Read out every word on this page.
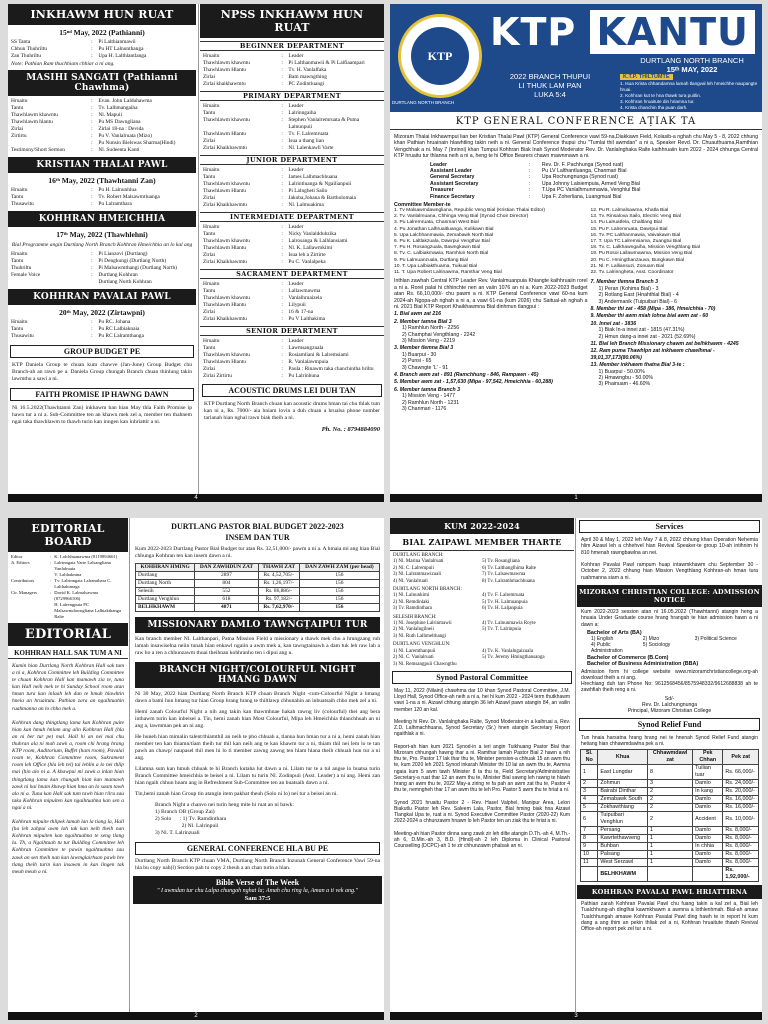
INKHAWM HUN RUAT
15ⁿᵈ May, 2022 (Pathianni)
SS Tanta	:	Pi Lalthianmawii
Chhun Thuhriltu	:	Pu HT Lalnunthanga
Zan Thuhriltu	:	Upa H. Lalthlantlanga
Note: Pathian Ram thuchhiam chhiar a ni ang.
MASIHI SANGATI (Pathianni Chawhma)
Hruaitu	:	Evan. John Lalduhawma
Tantu	:	Tv. Lalhmangaiha
Thawhlawm khawntu	:	Nl. Mapuii
Thawhlawm hlantu	:	Pu MS Dawngliana
Zirlai	:	Zirlai 18-na : Devida
Zirtirtu	:	Pu V. Vanlalruata (Mizo)
:	Pu Nunsin Bielswas Sharma(Hindi)
Testimony/Short Sermon	:	Nl. Sudeenta Kanti
KRISTIAN THALAI PAWL
16ᵗʰ May, 2022 (Thawhtanni Zan)
Hruaitu	:	Pu H. Lalnunhlua
Tantu	:	Tv. Robert Malsawmtluanga
Thusawitu	:	Pu Lalramthara
KOHHRAN HMEICHHIA
17ᵗʰ May, 2022 (Thawhlehni)
Bial Programme angin Durtlang North Branch Kohhran Hmeichhia an lo kal ang
Hruaitu	:	Pi Lianzovi (Durtlang)
Tantu	:	Pi Dengkungi (Durtlang North)
Thuhriltu	:	Pi Malsawmthangi (Durtlang North)
Female Voice	:	Durtlang Kohhran
Durtlang North Kohhran
KOHHRAN PAVALAI PAWL
20ᵗʰ May, 2022 (Zirtawpni)
Hruaitu	:	Pu RC. Johana
Tantu	:	Pu RC Lalbiaknaia
Thusawitu	:	Pu RC Lalramthanga
GROUP BUDGET PE
KTP Daniela Group te chuan kum chawve (Jan-June) Group Budget chu Branch-ah an rawn pe a. Daniela Group chungah Branch chuan thinlung takin lawmthu a sawi a ni.
FAITH PROMISE IP HAWNG DAWN
Ni 16.5.2022(Thawhtanni Zan) inkhawm ban hian May thla Faith Promise ip hawn tur a ni a. Sub-Committee ten an khawn mek zel a, member ten thahnem ngai taka thawhlawm to thawh turin kan inngen kan inhriattir a ni.
NPSS INKHAWM HUN RUAT
BEGINNER DEPARTMENT
Hruaitu	:	Leader
Thawhlawm khawntu	:	Pi Lalthanmawii & Pi Lalfiaampari
Thawhlawm Hlantu	:	Tv. H. Vanlalfaka
Zirlai	:	Bam mawngthing
Zirlai khaikhawmtu	:	PC Zodintluangi
PRIMARY DEPARTMENT
Hruaitu	:	Leader
Tantu	:	Lalrinngaiha
Thawhlawm khawntu	:	Stephen Vanlalremruata & Puma Lalnunpuii
Thawhlawm Hlantu	:	Tv. F. Lalremruata
Zirlai	:	Isua a thang lian
Zirlai Khaikhawmtu	:	Nl. Lalenkawli Varte
JUNIOR DEPARTMENT
Hruaitu	:	Leader
Tantu	:	James Lalhmachhuana
Thawhlawm khawntu	:	Lalrintluanga & Ngailianpuii
Thawhlawm Hlantu	:	Pi Lalngheti Sailo
Zirlai	:	Jakoba,Johana & Bartholomaia
Zirlai Khaikhawmtu	:	Nl. Lalmuakima
INTERMEDIATE DEPARTMENT
Hruaitu	:	Leader
Tantu	:	Nicky Vanlaldduhzika
Thawhlawm khawntu	:	Lalrosanga & Lalhlansiami
Thawhlawm Hlantu	:	Nl. K. Lallawmkimi
Zirlai	:	Isua leh a Zirtirte
Zirlai Khaikhawmtu	:	Pu C. Vanlalpeka
SACRAMENT DEPARTMENT
Hruaitu	:	Leader
Tantu	:	Lallawmawma
Thawhlawm khawntu	:	Vanlalhruaizela
Thawhlawm Hlantu	:	Lilypuii
Zirlai	:	16 & 17-na
Zirlai Khaikhawmtu	:	Pu V Lalthakima
SENIOR DEPARTMENT
Hruaitu	:	Leader
Tantu	:	Lawmsangzuala
Thawhlawm khawntu	:	Rosiamliani & Lalremsiami
Thawhlawm Hlantu	:	R. Vanlalawmpuia
Zirlai	:	Paula : Rinawm taka chanchintha hriltu
Zirlai Zirtirtu	:	Pu Lalrinhuna
ACOUSTIC DRUMS LEI DUH TAN
KTP Durtlang North Branch chuan kan acoustic drums hman tai chu thlak tum kan ni a, Rs. 7000/- aia hniam lovin a duh chuan a hrualsa phone number tarlanah hian nghal rawn biak theih a ni.
Ph. No. : 8794884090
4
KTP
KTP KANTU
DURTLANG NORTH BRANCH
15ᵗʰ MAY, 2022
2022 BRANCH THUPUI
LI THUK LAM PAN
LUKA 5:4
K.T.P. THILTUMTE
1. Isua Krista chhandamna lamah tlangval leh hmeichhe naupangte hruai.
2. Kohhran kut te hna thawk tura puitlin.
3. Kohhran hruaitute din hriamna tur.
4. Krista chanchin tha puan darh.
DURTLANG NORTH BRANCH
KTP GENERAL CONFERENCE AṬIAK TA
Mizoram Thalai Inkhawmpui lian ber Kristian Thalai Pawl (KTP) General Conference vawi 59-na,Diakkawn Field, Kolasib-a nghah chu May 5 - 8, 2022 chhung khan Pathian hruainain hlawhtling takin neih a ni. General Conference thupui chu "Tumlai thil awmdan" a ni a, Speaker Revd. Dr. Chuauthuama,Ramthian Vengchhak a ni. May 7 (Inrinni) khan Tumpui Kohhran Biak Inah Synod Moderator Rev. Dr. Vanlalnghaka Ralte kaihhruaiin kum 2022 - 2024 chhunga Central KTP hruaitu tur thlanna neih a ni a, heng te hi Office Bearers chawn mawnmawn a ni.
Leader	:	Rev. Dr. F. Pachhunga (Synod ruat)
Assistant Leader	:	Pu LV Lalthantluanga, Chanmari Bial
General Secretary	:	Upa Rochungnunga (Synod ruat)
Assistant Secretary	:	Upa Johnny Lalsiempuia, Armed Veng Bial
Treasurer	:	T.Upa PC Vanlalhmunmawia, Venghlui Bial
Finance Secretary	:	Upa F. Zoherliana, Luangmual Bial
Committee Member-te
1. Tv Malsawmdawngliana, Republic Veng Bial (Kristian Thalai Editor)
2. Tv. Vanlalmuana, Chhinga Veng Bial (Synod Choir Director)
3. Pu Lalremruata, Chanmari West Bial
4. Pu Jonathan Lalhruaitluanga, Kulikawn Bial
5. Upa Lalchhanmawia, Zemabawk North Bial
6. Pu K. Laltlakzuala, Dawrpui Vengthar Bial
7. Pu H. Rosangzuala, Bawngkawn Bial
8. Tv. C. Lalbiakmawia, Ramhlun North Bial
9. Pu Lalmuanzuala, Durtlang Bial
10. T. Upa Lalbiakthuama, Tuikual Bial
11. T. Upa Robert Lalrinawma, Ramthar Veng Bial
12. Pu R. Lalmalsawma, Khatla Bial
13. Tv. Rinsalova Sailo, Electric Veng Bial
14. Pu Lalruatfela, Chaltlang Bial
15. Pu F. Lalremruata, Dawrpui Bial
16. Tv. PC Lalthanmawia, Vaivakawn Bial
17. T. Upa TC Lalremsiama, Zuangtui Bial
18. Tv. C. Lalkhawngaiha, Mission Vengthlang Bial
19. Pu Rosoi Lallawmawma, Mission Veng Bial
20. Pu C. Hmingthanzauva, Bungkawn Bial
21. Nl. F. Lalliansuzi, Zonuam Bial
22. Tv. Lalrinngheta, Asst. Coordinator
Inthlan zawhah Central KTP Leader Rev. Vanlalmuanpuia Khiangte kaihhruaiin rorel a ni a. Rorel palai hi chhinchte nen an vaiin 1076 an ni a. Kum 2022-2023 Budget atan Rs. 66,10,000/- chu pawm a ni. KTP General Conference vawi 60-na kum 2024-ah Ngopa-ah nghah a ni a, a vawi 61-na (kum 2026) chu Saitual-ah nghah a ni. 2021 Bial KTP Report Khaikhawmna Bial dinhmun tlangpui :
1. Bial awm zat 216
2. Member tamna Bial 3
1) Ramhlun North - 2256
2) Champhai Vengthlang - 2242
3) Mission Veng - 2219
3. Member tlemna Bial 3
1) Buarpui - 30
2) Punsi - 65
3) Chawngte 'L' - 91
4. Branch awm zat - 891 (Ramchhung - 846, Rampawn - 45)
5. Member awm zat - 1,57,630 (Mipa - 97,542, Hmeichhia - 60,288)
6. Member tamna Branch 3
1) Mission Veng - 1477
2) Ramhlun North - 1231
3) Chanmari - 1176
7. Member tlemna Branch 3
1) Peran (Kohima Bial) - 3
2) Rotlang East (Hnahthial Bial) - 4
3) Andermanik (Tuipuibari Bial) - 6
8. Member thi zat - 458 (Mipa - 386, Hmeichhia - 70)
9. Member thi awm miah lohna bial awm zat - 60
10. Innei zat - 3836
1) Biak In-a innei zat - 1815 (47.31%)
2) Hmun dang-a innei zat - 2021 (52.69%)
11. Bial leh Branch Missionary chawm zat belhkhawm - 4245
12. Ram puma Thawhlpn zat inkhawm chawlhmai - 39,01,37,173(80.06%)
13. Member inkhawm thatna Bial 3-te :
1) Buarpui - 50.00%
2) Hmawngbu - 50.00%
3) Phainuam - 46.60%
1
EDITORIAL BOARD
Editor	: K. Lalchhuanawma (8119894661)
Jt. Editors	: Lalrinngaia Varte Lalsangliana Vanlalruata
V. Lalthaknina
Contributors	: Tv. Lalrinngaia Lalramthara C. Lalthakimaga
Cir. Managers	: David K. Lalmalsawma (8729966106)
H. Lalrengpuia PC Malsawmdawngliana Lalbiakthanga Ralte
EDITORIAL
KOHHRAN HALL SAK TUM A NI
Kumin hian Durtlang North Kohhran Hall sak tum a ni a, Kohhran Committee leh Building Committee te chuan Kohhran Hall kan mamawh zia te, tuna kan Hall neih mek te hi Sunday School room atan hman tura kan inlaah leh dan te hmuh hlawhtin hneia an hruaitutu. Pathian zara an ngaihtuahin ruahmanna an lo chho mek a.

Kohhran dang thingtlang lama kan Kohhran puite hian kan hmuh hnlam ang alin Kohhran Hall (hla an ni ber tur pe) mal. Hall hi an nei mai chu thuhran ala ni mah zawk a, room chi hrang hrang KTP room, Auditorium, Buffet (ham room), Pavalai room te, Kohhran Committee room, Sakrament room leh Office (hla leh tel) tai lehlin a lo nei thlip mai (hin alo ni a. A khawpui mi zawk a inlan hian thingtlang lama kan chungah hian kan mamawh zawk ni hai hnam khawp hian hma an lo saam tawh alo ni a. Tuna kan Hall sak tum tawh hian rilru zau taka Kohhran mipuiten kan ngaihtuahna kan sen a ngai a ni.

Kohhran mipuite thlipek lamah lan la tiang la, Hall (ha leh zahpui awm loh tak kan neih theih nan Kohhran mipuiten kan ngaihtuahna te seng tlang la. Th, a Ngaihtuah tu tur Building Committee leh Kohhran Committee te pawin ngaihtuahna zau zawk an sen theih nan kan lawmglairhsan pawh hre tlang theih turin kan insawm in kan lingen tak meuh meuh a ni.
DURTLANG PASTOR BIAL BUDGET 2022-2023
INSEM DAN TUR
Kum 2022-2023 Durtlang Pastor Bial Budget tur atan Rs. 32,51,000/- pawm a ni a. A hmaia mi ang hian Bial chhunga Kohhran ten kan insem dawn a ni.
KOHHRAN HMING	DAN ZAWHDUN ZAT	THAWH ZAT	DAN ZAWH ZAM (per head)
Durtlang	2897	Rs. 4,52,705/-	156
Durtlang North	804	Rs. 1,26,197/-	156
Selesih	552	Rs. 86,886/-	156
Durtlang Venghlun	618	Rs. 97,182/-	156
BELHKHAWM	4871	Rs. 7,62,970/-	156
MISSIONARY DAMLO TAWNGṬAIPUI TUR
Kan branch member Nl. Lalthanpari, Patna Mission Field a missionary a thawk mek chu a hrungzang ruh lamah insawiselna neiin tunah hian enkawl ngaiin a awm mek a, kan tawngtainawh a dam tuk leh raw lah a raw ho a ren a chhunzawm thuai theihnan kohhranho ten i dipui ang u.
BRANCH NIGHT/COLOURFUL NIGHT HMANG DAWN
Ni 30 May, 2022 hian Durtlang North Branch KTP chuan Branch Night -cum-Colourful Night a hmang dawn a bami hun hmang tur hian Group hrang hrang te thiltlawp chhunahin an inbuatsaih chho mek zel a ni.
Hemi zanah Colourful Night a nih ang takin kan thawmhnae hakah rawng liv (colourful) thei ang bera inthawm turin kan inbeisei a. Tin, hemi zanah hian Most Colourful, Mipa leh Hmeichhia thlanchhuah an ni ang a, lawmman pek an ni ang.
He huneh hian mimalin talent/thiamthil an neih te pho chhuah a, tlanna hun hman tur a ni a, hemi zanah hian member ten kan thiamn/tiam theih tur thil kan neih ang te kan khawm tur a ni, thiam thil nei lem lo te tan pawh an chawp/ naupasel thil men hi lo ti member zawng zawng ten hlam hlana theih chhuah hun tur a ni ang.
Lilamna sum kan hmuh chhuak te hi Branch kutaha lut dawn a ni. Lilam tur te a tul angse lo buatsa turin Branch Committee hmeichhia te beisei a ni. Lilam tu turin Nl. Zodinpuii (Asst. Leader) a ni ang. Hemi zan hian ngaih chhun hnam ang in Refreshment Sub-Committee ten an buatsaih dawn a ni.
Tin,hemi zanah hian Group tin atangin item pakhat theuh (Solo ni lo) nei tur a beisei an ni.
Branch Night a chanvo nei turin heng mite hi ruat an ni bawk:
1) Branch OB (Group Zai)
2) Solo      : 1) Tv. Ramdinthara
2) Nl. Lalrinpuii
3) Nl. T. Lalrinzuali
GENERAL CONFERENCE HLA BU PE
Durtlang North Branch KTP chuan VMA, Durtlang North Branch Inzunah General Conference Vawi 59-na hla bu copy nah(l) Section pah tu copy 2 theuh a an chan turin a hlan.
Bible Verse of The Week
" I awmdan tur chu Lalpa chungah nghat la; Amah chu ring la, Aman a ti vek ang."
Sam 37:5
2
KUM 2022-2024
BIAL ZAIPAWL MEMBER THARTE
DURTLANG BRANCH:
1) Nl. Marina Vanlalruati
2) Nl. C. Lalrempuii
3) Nl. Lalrammawizuali
4) Nl. Vanlalruati
5) Tv. Rosangliana
6) Tv. Lalthanglhima Ralte
7) Tv. Lalsawmawma
8) Tv. Lalramhmachhuana
DURTLANG NORTH BRANCH:
1) Nl. Lalnunkimi
2) Nl. Remdinlaki
3) Tv. Ramdinthara
4) Tv. F. Lalremruata
5) Tv. H. Lalmuanpuia
6) Tv. H. Laljanpuia
SELESIH BRANCH:
1) Nl. Josephine Lalrinmawii
2) Nl. Vanlalngilneii
3) Nl. Ruth Lalhmelthangi
4) Tv. Lalnunmawia Royte
5) Tv. T. Lalrinpuia
DURTLANG VENGHLUN:
1) Nl. Laremthanpuii
2) Nl. C. Vanlalruati
3) Nl. Remsangpuii Chawngthu
4) Tv. K. Vanlalngaizuala
5) Tv. Jeremy Hmingthansanga
Synod Pastoral Committee
May 11, 2022 (Nilaini) chawhma dar 10 khan Synod Pastoral Committee, J.M. Lloyd Hall, Synod Office-ah neih a ni a, hei hi kum 2022 - 2024 term thutkhawm vawi 1-na a ni. Aizawl chhung atangin 36 leh Aizawl pawn atangin 84, an vailin member 120 an kal.

Meeting hi Rev. Dr. Vanlalnghaka Ralte, Synod Moderator-in a kaihruai a, Rev. Z.D. Lalhmachhuana, Synod Secretary (Sr.) hnen atangin Secretary Report ngaithlak a ni.

Report-ah hian kum 2021 Synod-in a ieri angin Tuikhuang Pastor Bial thar Mizoram chhungah hawng thar a ni. Ramthar lamah Pastor Bial 2 hawn a nih thu te, Pro. Pastor 17 lak thar thu te, Minister pension-a chhuak 15 an awm thu te, kum 2020 leh 2021 Synod inkarah Minister thi 10 lai an awm thu te, Awmna ngaia kum 5 awm tawh Minister 8 ta thu te, Field Secretary/Administrative Secretary-a ruat thar 12 an awm thu te, Minister Bial sawng leh rawng te hlawh hrang an awm thu te, 2022 May-a ziring re fa pah an awm zat thu te, Pastor 4 thu te, nemngheh thar 17 an awm thu te leh Pro. Pastor 5 awm thu te hriat a ni.

Synod 2021 hruaitu Pastor 2 - Rev. Hasel Valphel, Manipur Area, Lelon Biakutlu Pastor leh Rev. Saleem Lala, Pastor, Bial hming biak hna Aizawl Tlangkal Upa te, ruat a ni. Synod Executive Committee Pastor (2020-22) Kum 2022-2024 a chhunzawm hnawn lo leh Pastor ten an ziak thu te hriat a ni.

Meeting-ah hian Pastor dinna sang zawk zir leh dilte atangin D.Th.-ah 4, M.Th.-ah 6, D.Min.-ah 3, B.D. (Hindi)-ah 2 leh Diploma in Clinical Pastoral Counselling (DCPC)-ah 1 te zir chhunzawm phalsak an ni.
Services
April 30 & May 1, 2022 leh May 7 & 8, 2022 chhung khan Operation Nehemia hlim Aizawl leh a chhehvel hian Revival Speaker-te group 10-ah intihnim hi 810 hmenah rawngbawlna an nei.

Kohhran Pavalai Pawl rampum huap intawmkhawm chu September 30 - October 2, 2022 chhung hian Mission Vengthlang Kohhran-ah hman tura ruahmanna siam a ni.
MIZORAM CHRISTIAN COLLEGE: ADMISSION NOTICE
Kum 2022-2023 session atan ni 16.05.2022 (Thawhtanni) atangin heng a hnuaia Under Graduate course hrang hrangah te hian admission hawn a ni dawn a:
Bachelor of Arts (BA)
1) English	2) Mizo	3) Political Science
4) Public Administration
5) Sociology
Bachelor of Commerce (B.Com)
Bachelor of Business Administration (BBA)
Admission form hi college website www.mizoramchristiancollege.org-ah download theih a ni ang.
Hrechiang duh tan Phone No: 9612568456/8575948332/9612688838 ah te zawhfiah theih reng a ni.
Sd/-
Rev. Dr. Lalchungnunga
Principal, Mizoram Christian College
Synod Relief Fund
Tun hnaia harsatna hrang hrang nei te hnenah Synod Relief Fund atangin hetiang hian chhawmdawlna pek a ni.
Sl. No	Khua	Chhawmdawl zat	Pek Chhan	Pek zat
1	East Lungdar	8	Tuilian tuar	Rs. 66,000/-
2	Zohmun	3	Damlo	Rs. 24,000/-
3	Bairabi Dinthar	2	In kang	Rs. 20,000/-
4	Zemabawk South	2	Damlo	Rs. 16,000/-
5	Zokhawthiang	2	Damlo	Rs. 16,000/-
6	Tuipuibari Venghlun	2	Accident	Rs. 10,000/-
7	Persang	1	Damlo	Rs. 8,000/-
8	Kawrtethawveng	1	Damlo	Rs. 8,000/-
9	Buhban	1	In chhia	Rs. 8,000/-
10	Palsang	1	Damlo	Rs. 8,000/-
11	West Serzawl	1	Damlo	Rs. 8,000/-
	BELHKHAWM			Rs. 1,92,000/-
KOHHRAN PAVALAI PAWL HRIATTIRNA
Pathian zarah Kohhran Pavalai Pawl chu fuang takin a kal zel a, Bial leh Tualchhung-ah dinglhai kawmkhawm a awmna a lothlenhmah. Bial-ah amaw Tualchhungah amawe Kohhran Pavalai Pawl ding hawh te in report hi kum dang a ang thim an pekin thliak zel a ni, Kohhran hruaitute thawh Revival Office-ah report pek zel tur a ni.
3
